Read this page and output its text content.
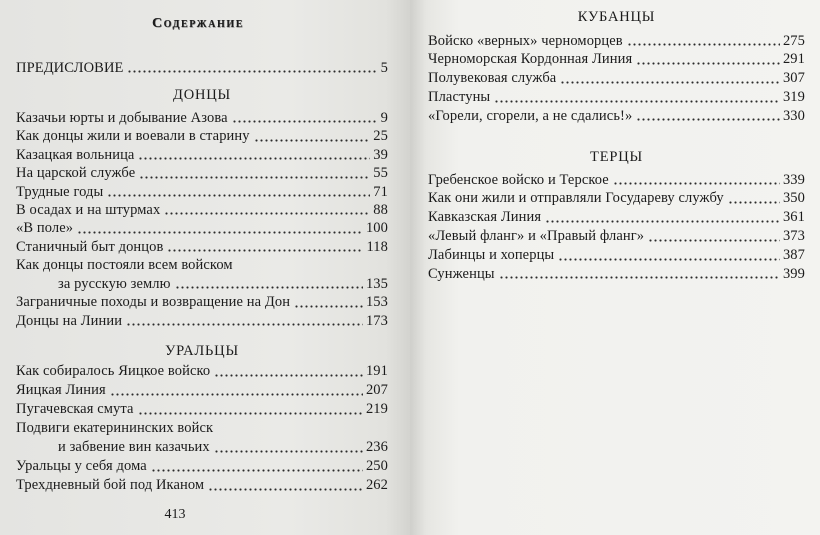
Содержание
ПРЕДИСЛОВИЕ	5
ДОНЦЫ
Казачьи юрты и добывание Азова	9
Как донцы жили и воевали в старину	25
Казацкая вольница	39
На царской службе	55
Трудные годы	71
В осадах и на штурмах	88
«В поле»	100
Станичный быт донцов	118
Как донцы постояли всем войском
за русскую землю	135
Заграничные походы и возвращение на Дон	153
Донцы на Линии	173
УРАЛЬЦЫ
Как собиралось Яицкое войско	191
Яицкая Линия	207
Пугачевская смута	219
Подвиги екатерининских войск
и забвение вин казачьих	236
Уральцы у себя дома	250
Трехдневный бой под Иканом	262
413
КУБАНЦЫ
Войско «верных» черноморцев	275
Черноморская Кордонная Линия	291
Полувековая служба	307
Пластуны	319
«Горели, сгорели, а не сдались!»	330
ТЕРЦЫ
Гребенское войско и Терское	339
Как они жили и отправляли Государеву службу	350
Кавказская Линия	361
«Левый фланг» и «Правый фланг»	373
Лабинцы и хоперцы	387
Сунженцы	399
